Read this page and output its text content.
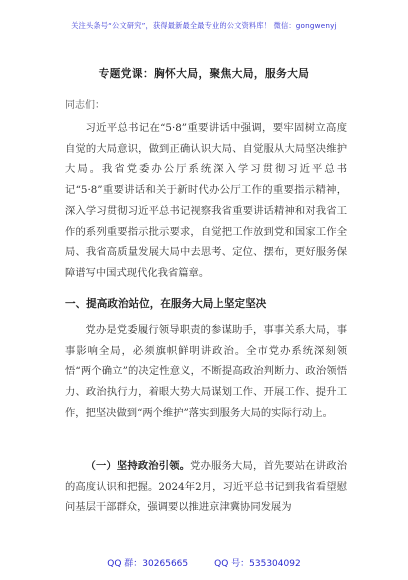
关注头条号“公文研究”，获得最新最全最专业的公文资料库！ 微信：gongwenyj
专题党课：胸怀大局，聚焦大局，服务大局
同志们：

习近平总书记在“5·8”重要讲话中强调，要牢固树立高度自觉的大局意识，做到正确认识大局、自觉服从大局坚决维护大局。我省党委办公厅系统深入学习贯彻习近平总书记“5·8”重要讲话和关于新时代办公厅工作的重要指示精神，深入学习贯彻习近平总书记视察我省重要讲话精神和对我省工作的系列重要指示批示要求，自觉把工作放到党和国家工作全局、我省高质量发展大局中去思考、定位、摆布，更好服务保障谱写中国式现代化我省篇章。

一、提高政治站位，在服务大局上坚定坚决

党办是党委履行领导职责的参谋助手，事事关系大局，事事影响全局，必须旗帜鲜明讲政治。全市党办系统深刻领悟“两个确立”的决定性意义，不断提高政治判断力、政治领悟力、政治执行力，着眼大势大局谋划工作、开展工作、提升工作，把坚决做到“两个维护”落实到服务大局的实际行动上。

（一）坚持政治引领。党办服务大局，首先要站在讲政治的高度认识和把握。2024年2月，习近平总书记到我省看望慰问基层干部群众，强调要以推进京津冀协同发展为

QQ 群：30265665	QQ 号：535304092
